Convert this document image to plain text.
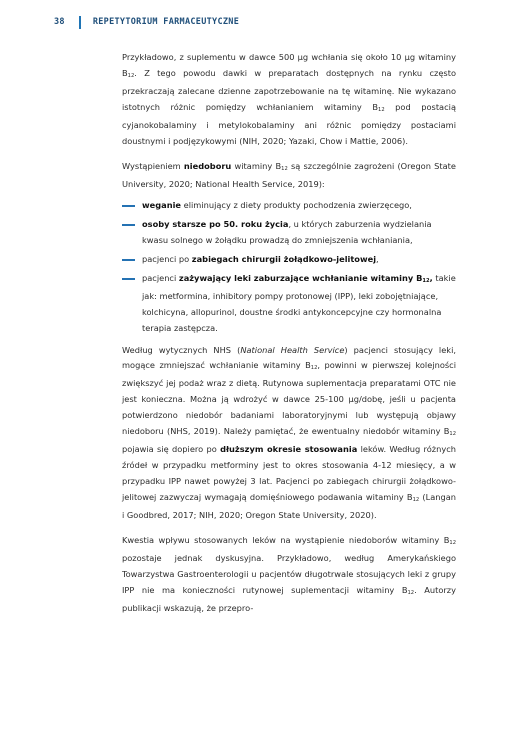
38	REPETYTORIUM FARMACEUTYCZNE

Przykładowo, z suplementu w dawce 500 µg wchłania się około 10 µg witaminy $B_{12}$. Z tego powodu dawki w preparatach dostępnych na rynku często przekraczają zalecane dzienne zapotrzebowanie na tę witaminę. Nie wykazano istotnych różnic pomiędzy wchłanianiem witaminy $B_{12}$ pod postacią cyjanokobalaminy i metylokobalaminy ani różnic pomiędzy postaciami doustnymi i podjęzykowymi (NIH, 2020; Yazaki, Chow i Mattie, 2006).

Wystąpieniem niedoboru witaminy $B_{12}$ są szczególnie zagrożeni (Oregon State University, 2020; National Health Service, 2019):

weganie eliminujący z diety produkty pochodzenia zwierzęcego,
osoby starsze po 50. roku życia, u których zaburzenia wydzielania kwasu solnego w żołądku prowadzą do zmniejszenia wchłaniania,
pacjenci po zabiegach chirurgii żołądkowo-jelitowej,
pacjenci zażywający leki zaburzające wchłanianie witaminy $B_{12}$, takie jak: metformina, inhibitory pompy protonowej (IPP), leki zobojętniające, kolchicyna, allopurinol, doustne środki antykoncepcyjne czy hormonalna terapia zastępcza.

Według wytycznych NHS (National Health Service) pacjenci stosujący leki, mogące zmniejszać wchłanianie witaminy $B_{12}$, powinni w pierwszej kolejności zwiększyć jej podaż wraz z dietą. Rutynowa suplementacja preparatami OTC nie jest konieczna. Można ją wdrożyć w dawce 25-100 µg/dobę, jeśli u pacjenta potwierdzono niedobór badaniami laboratoryjnymi lub występują objawy niedoboru (NHS, 2019). Należy pamiętać, że ewentualny niedobór witaminy $B_{12}$ pojawia się dopiero po dłuższym okresie stosowania leków. Według różnych źródeł w przypadku metforminy jest to okres stosowania 4-12 miesięcy, a w przypadku IPP nawet powyżej 3 lat. Pacjenci po zabiegach chirurgii żołądkowo-jelitowej zazwyczaj wymagają domięśniowego podawania witaminy $B_{12}$ (Langan i Goodbred, 2017; NIH, 2020; Oregon State University, 2020).

Kwestia wpływu stosowanych leków na wystąpienie niedoborów witaminy $B_{12}$ pozostaje jednak dyskusyjna. Przykładowo, według Amerykańskiego Towarzystwa Gastroenterologii u pacjentów długotrwale stosujących leki z grupy IPP nie ma konieczności rutynowej suplementacji witaminy $B_{12}$. Autorzy publikacji wskazują, że przepro-
